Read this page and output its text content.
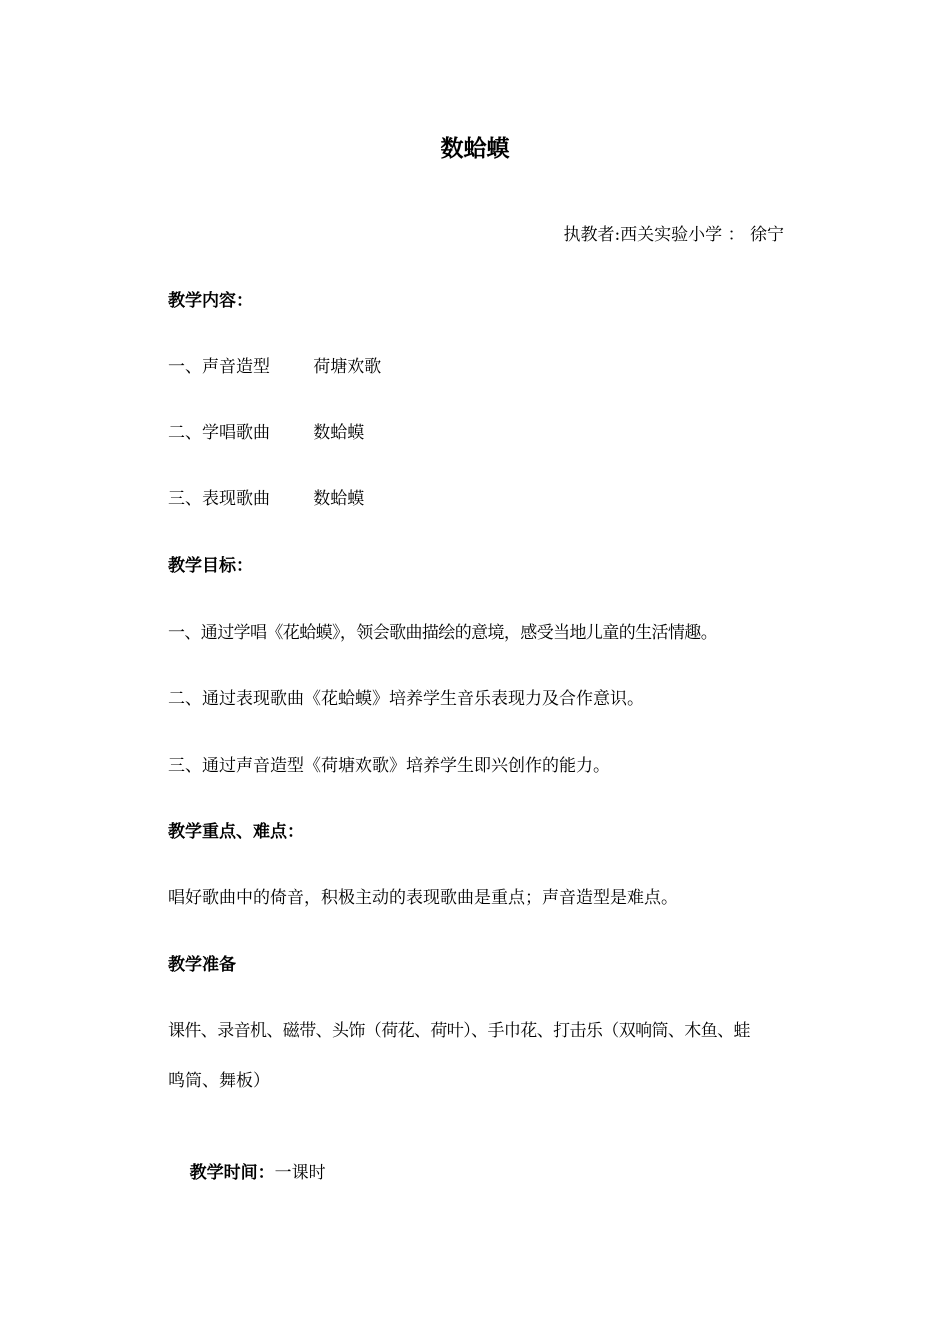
数蛤蟆
执教者:西关实验小学 ： 徐宁
教学内容：
一、声音造型        荷塘欢歌
二、学唱歌曲        数蛤蟆
三、表现歌曲        数蛤蟆
教学目标：
一、通过学唱《花蛤蟆》，领会歌曲描绘的意境，感受当地儿童的生活情趣。
二、通过表现歌曲《花蛤蟆》培养学生音乐表现力及合作意识。
三、通过声音造型《荷塘欢歌》培养学生即兴创作的能力。
教学重点、难点：
唱好歌曲中的倚音，积极主动的表现歌曲是重点；声音造型是难点。
教学准备
课件、录音机、磁带、头饰（荷花、荷叶）、手巾花、打击乐（双响筒、木鱼、蛙
鸣筒、舞板）

教学时间：一课时
